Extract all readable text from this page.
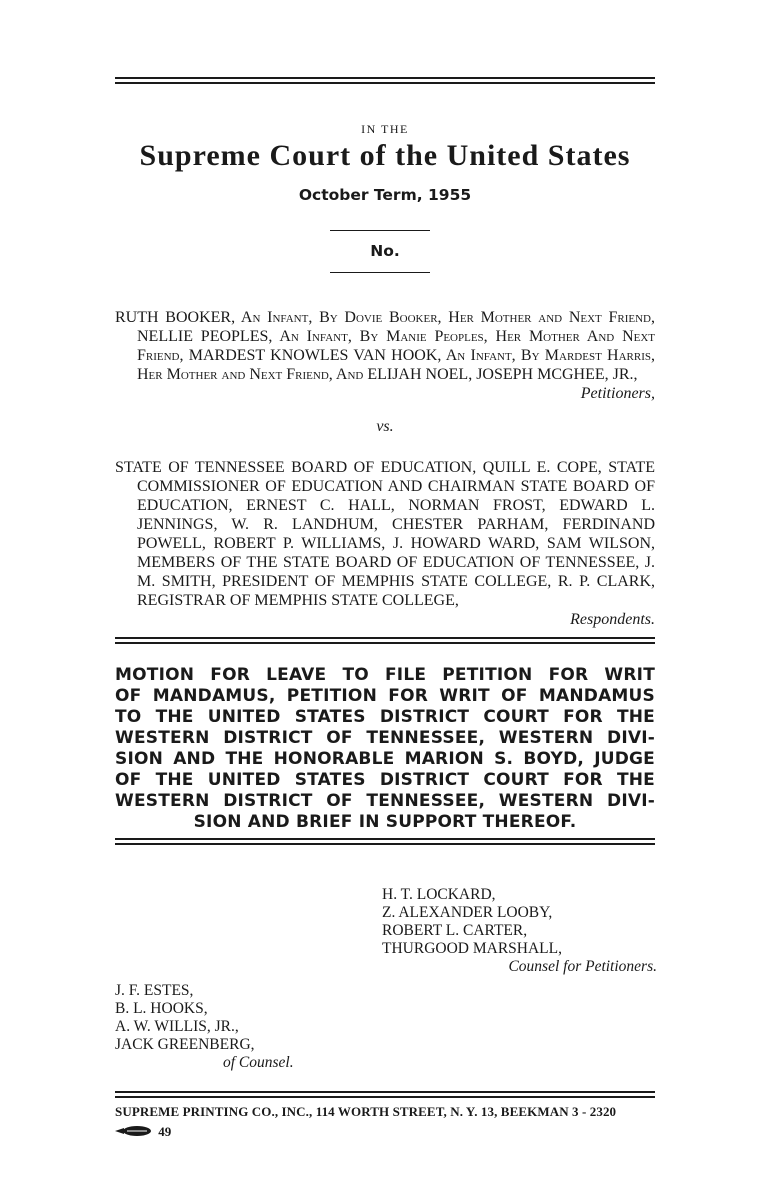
IN THE
Supreme Court of the United States
October Term, 1955
No.

RUTH BOOKER, An Infant, By Dovie Booker, Her Mother and Next Friend, NELLIE PEOPLES, An Infant, By Manie Peoples, Her Mother And Next Friend, MARDEST KNOWLES VAN HOOK, An Infant, By Mardest Harris, Her Mother and Next Friend, And ELIJAH NOEL, JOSEPH MCGHEE, JR.,

Petitioners,

vs.

STATE OF TENNESSEE BOARD OF EDUCATION, QUILL E. COPE, STATE COMMISSIONER OF EDUCATION AND CHAIRMAN STATE BOARD OF EDUCATION, ERNEST C. HALL, NORMAN FROST, EDWARD L. JENNINGS, W. R. LANDHUM, CHESTER PARHAM, FERDINAND POWELL, ROBERT P. WILLIAMS, J. HOWARD WARD, SAM WILSON, MEMBERS OF THE STATE BOARD OF EDUCATION OF TENNESSEE, J. M. SMITH, PRESIDENT OF MEMPHIS STATE COLLEGE, R. P. CLARK, REGISTRAR OF MEMPHIS STATE COLLEGE,

Respondents.

MOTION FOR LEAVE TO FILE PETITION FOR WRIT
OF MANDAMUS, PETITION FOR WRIT OF MANDAMUS
TO THE UNITED STATES DISTRICT COURT FOR THE
WESTERN DISTRICT OF TENNESSEE, WESTERN DIVI-
SION AND THE HONORABLE MARION S. BOYD, JUDGE
OF THE UNITED STATES DISTRICT COURT FOR THE
WESTERN DISTRICT OF TENNESSEE, WESTERN DIVI-
SION AND BRIEF IN SUPPORT THEREOF.
H. T. LOCKARD,
Z. ALEXANDER LOOBY,
ROBERT L. CARTER,
THURGOOD MARSHALL,
Counsel for Petitioners.
J. F. ESTES,
B. L. HOOKS,
A. W. WILLIS, JR.,
JACK GREENBERG,
of Counsel.
SUPREME PRINTING CO., INC., 114 WORTH STREET, N. Y. 13, BEEKMAN 3 - 2320
49
